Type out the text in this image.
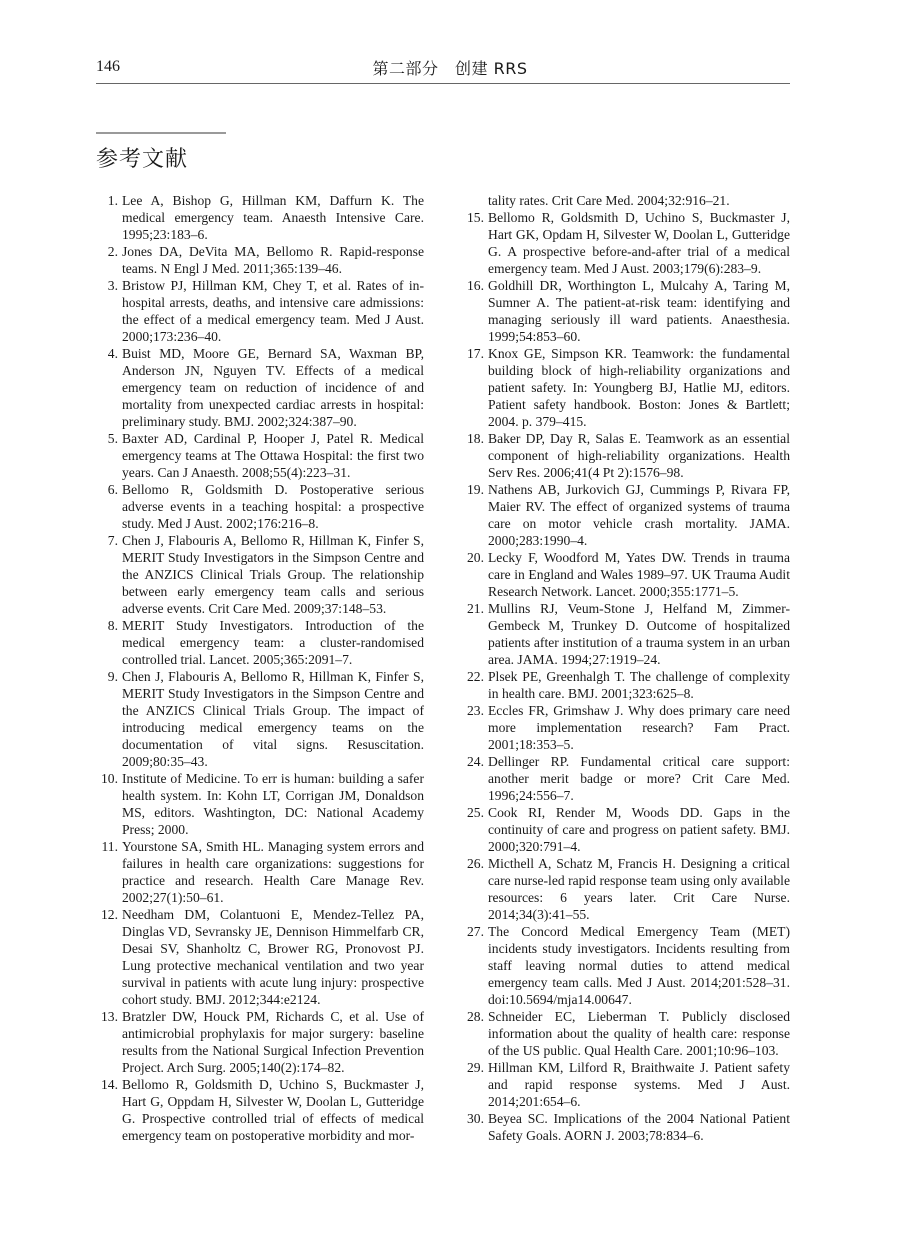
146	第二部分　创建 RRS
参考文献
1. Lee A, Bishop G, Hillman KM, Daffurn K. The medical emergency team. Anaesth Intensive Care. 1995;23:183–6.
2. Jones DA, DeVita MA, Bellomo R. Rapid-response teams. N Engl J Med. 2011;365:139–46.
3. Bristow PJ, Hillman KM, Chey T, et al. Rates of in-hospital arrests, deaths, and intensive care admissions: the effect of a medical emergency team. Med J Aust. 2000;173:236–40.
4. Buist MD, Moore GE, Bernard SA, Waxman BP, Anderson JN, Nguyen TV. Effects of a medical emergency team on reduction of incidence of and mortality from unexpected cardiac arrests in hospital: preliminary study. BMJ. 2002;324:387–90.
5. Baxter AD, Cardinal P, Hooper J, Patel R. Medical emergency teams at The Ottawa Hospital: the first two years. Can J Anaesth. 2008;55(4):223–31.
6. Bellomo R, Goldsmith D. Postoperative serious adverse events in a teaching hospital: a prospective study. Med J Aust. 2002;176:216–8.
7. Chen J, Flabouris A, Bellomo R, Hillman K, Finfer S, MERIT Study Investigators in the Simpson Centre and the ANZICS Clinical Trials Group. The relationship between early emergency team calls and serious adverse events. Crit Care Med. 2009;37:148–53.
8. MERIT Study Investigators. Introduction of the medical emergency team: a cluster-randomised controlled trial. Lancet. 2005;365:2091–7.
9. Chen J, Flabouris A, Bellomo R, Hillman K, Finfer S, MERIT Study Investigators in the Simpson Centre and the ANZICS Clinical Trials Group. The impact of introducing medical emergency teams on the documentation of vital signs. Resuscitation. 2009;80:35–43.
10. Institute of Medicine. To err is human: building a safer health system. In: Kohn LT, Corrigan JM, Donaldson MS, editors. Washtington, DC: National Academy Press; 2000.
11. Yourstone SA, Smith HL. Managing system errors and failures in health care organizations: suggestions for practice and research. Health Care Manage Rev. 2002;27(1):50–61.
12. Needham DM, Colantuoni E, Mendez-Tellez PA, Dinglas VD, Sevransky JE, Dennison Himmelfarb CR, Desai SV, Shanholtz C, Brower RG, Pronovost PJ. Lung protective mechanical ventilation and two year survival in patients with acute lung injury: prospective cohort study. BMJ. 2012;344:e2124.
13. Bratzler DW, Houck PM, Richards C, et al. Use of antimicrobial prophylaxis for major surgery: baseline results from the National Surgical Infection Prevention Project. Arch Surg. 2005;140(2):174–82.
14. Bellomo R, Goldsmith D, Uchino S, Buckmaster J, Hart G, Oppdam H, Silvester W, Doolan L, Gutteridge G. Prospective controlled trial of effects of medical emergency team on postoperative morbidity and mor-
tality rates. Crit Care Med. 2004;32:916–21.
15. Bellomo R, Goldsmith D, Uchino S, Buckmaster J, Hart GK, Opdam H, Silvester W, Doolan L, Gutteridge G. A prospective before-and-after trial of a medical emergency team. Med J Aust. 2003;179(6):283–9.
16. Goldhill DR, Worthington L, Mulcahy A, Taring M, Sumner A. The patient-at-risk team: identifying and managing seriously ill ward patients. Anaesthesia. 1999;54:853–60.
17. Knox GE, Simpson KR. Teamwork: the fundamental building block of high-reliability organizations and patient safety. In: Youngberg BJ, Hatlie MJ, editors. Patient safety handbook. Boston: Jones & Bartlett; 2004. p. 379–415.
18. Baker DP, Day R, Salas E. Teamwork as an essential component of high-reliability organizations. Health Serv Res. 2006;41(4 Pt 2):1576–98.
19. Nathens AB, Jurkovich GJ, Cummings P, Rivara FP, Maier RV. The effect of organized systems of trauma care on motor vehicle crash mortality. JAMA. 2000;283:1990–4.
20. Lecky F, Woodford M, Yates DW. Trends in trauma care in England and Wales 1989–97. UK Trauma Audit Research Network. Lancet. 2000;355:1771–5.
21. Mullins RJ, Veum-Stone J, Helfand M, Zimmer-Gembeck M, Trunkey D. Outcome of hospitalized patients after institution of a trauma system in an urban area. JAMA. 1994;27:1919–24.
22. Plsek PE, Greenhalgh T. The challenge of complexity in health care. BMJ. 2001;323:625–8.
23. Eccles FR, Grimshaw J. Why does primary care need more implementation research? Fam Pract. 2001;18:353–5.
24. Dellinger RP. Fundamental critical care support: another merit badge or more? Crit Care Med. 1996;24:556–7.
25. Cook RI, Render M, Woods DD. Gaps in the continuity of care and progress on patient safety. BMJ. 2000;320:791–4.
26. Micthell A, Schatz M, Francis H. Designing a critical care nurse-led rapid response team using only available resources: 6 years later. Crit Care Nurse. 2014;34(3):41–55.
27. The Concord Medical Emergency Team (MET) incidents study investigators. Incidents resulting from staff leaving normal duties to attend medical emergency team calls. Med J Aust. 2014;201:528–31. doi:10.5694/mja14.00647.
28. Schneider EC, Lieberman T. Publicly disclosed information about the quality of health care: response of the US public. Qual Health Care. 2001;10:96–103.
29. Hillman KM, Lilford R, Braithwaite J. Patient safety and rapid response systems. Med J Aust. 2014;201:654–6.
30. Beyea SC. Implications of the 2004 National Patient Safety Goals. AORN J. 2003;78:834–6.
